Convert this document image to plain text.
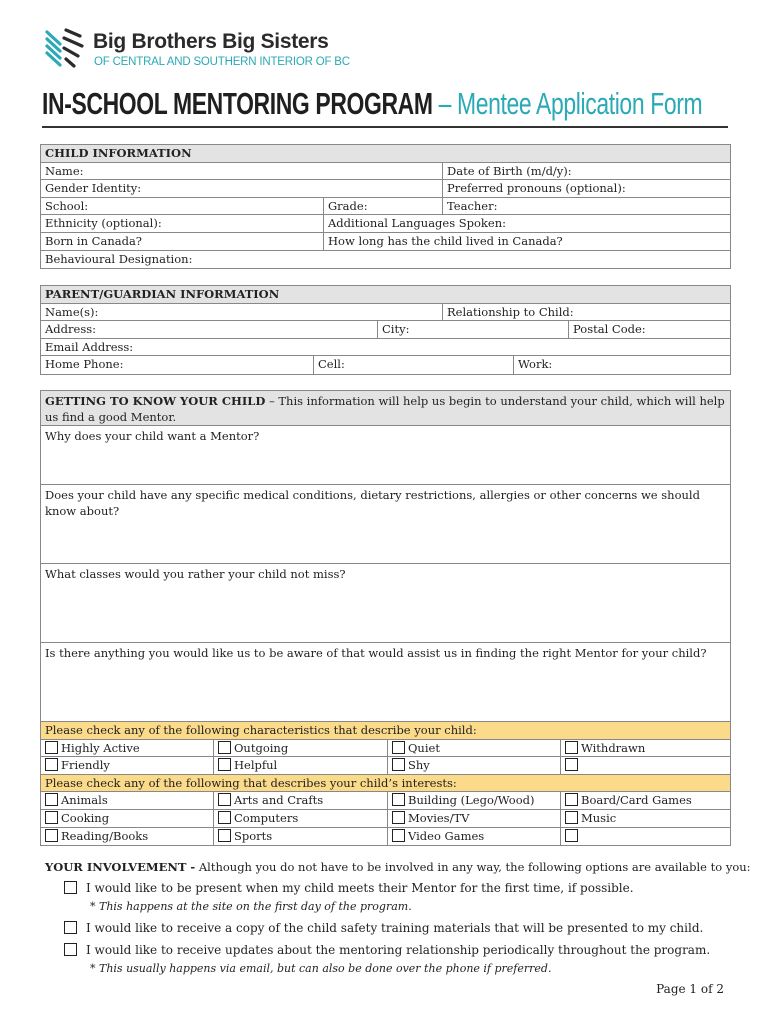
Big Brothers Big Sisters
OF CENTRAL AND SOUTHERN INTERIOR OF BC
IN-SCHOOL MENTORING PROGRAM – Mentee Application Form
CHILD INFORMATION
Name:	Date of Birth (m/d/y):
Gender Identity:	Preferred pronouns (optional):
School:	Grade:	Teacher:
Ethnicity (optional):	Additional Languages Spoken:
Born in Canada?	How long has the child lived in Canada?
Behavioural Designation:
PARENT/GUARDIAN INFORMATION
Name(s):	Relationship to Child:
Address:	City:	Postal Code:
Email Address:
Home Phone:	Cell:	Work:
GETTING TO KNOW YOUR CHILD – This information will help us begin to understand your child, which will help us find a good Mentor.
Why does your child want a Mentor?
Does your child have any specific medical conditions, dietary restrictions, allergies or other concerns we should know about?
What classes would you rather your child not miss?
Is there anything you would like us to be aware of that would assist us in finding the right Mentor for your child?
Please check any of the following characteristics that describe your child:
Highly Active	Outgoing	Quiet	Withdrawn
Friendly	Helpful	Shy
Please check any of the following that describes your child’s interests:
Animals	Arts and Crafts	Building (Lego/Wood)	Board/Card Games
Cooking	Computers	Movies/TV	Music
Reading/Books	Sports	Video Games
YOUR INVOLVEMENT - Although you do not have to be involved in any way, the following options are available to you:
I would like to be present when my child meets their Mentor for the first time, if possible.
* This happens at the site on the first day of the program.
I would like to receive a copy of the child safety training materials that will be presented to my child.
I would like to receive updates about the mentoring relationship periodically throughout the program.
* This usually happens via email, but can also be done over the phone if preferred.
Page 1 of 2
